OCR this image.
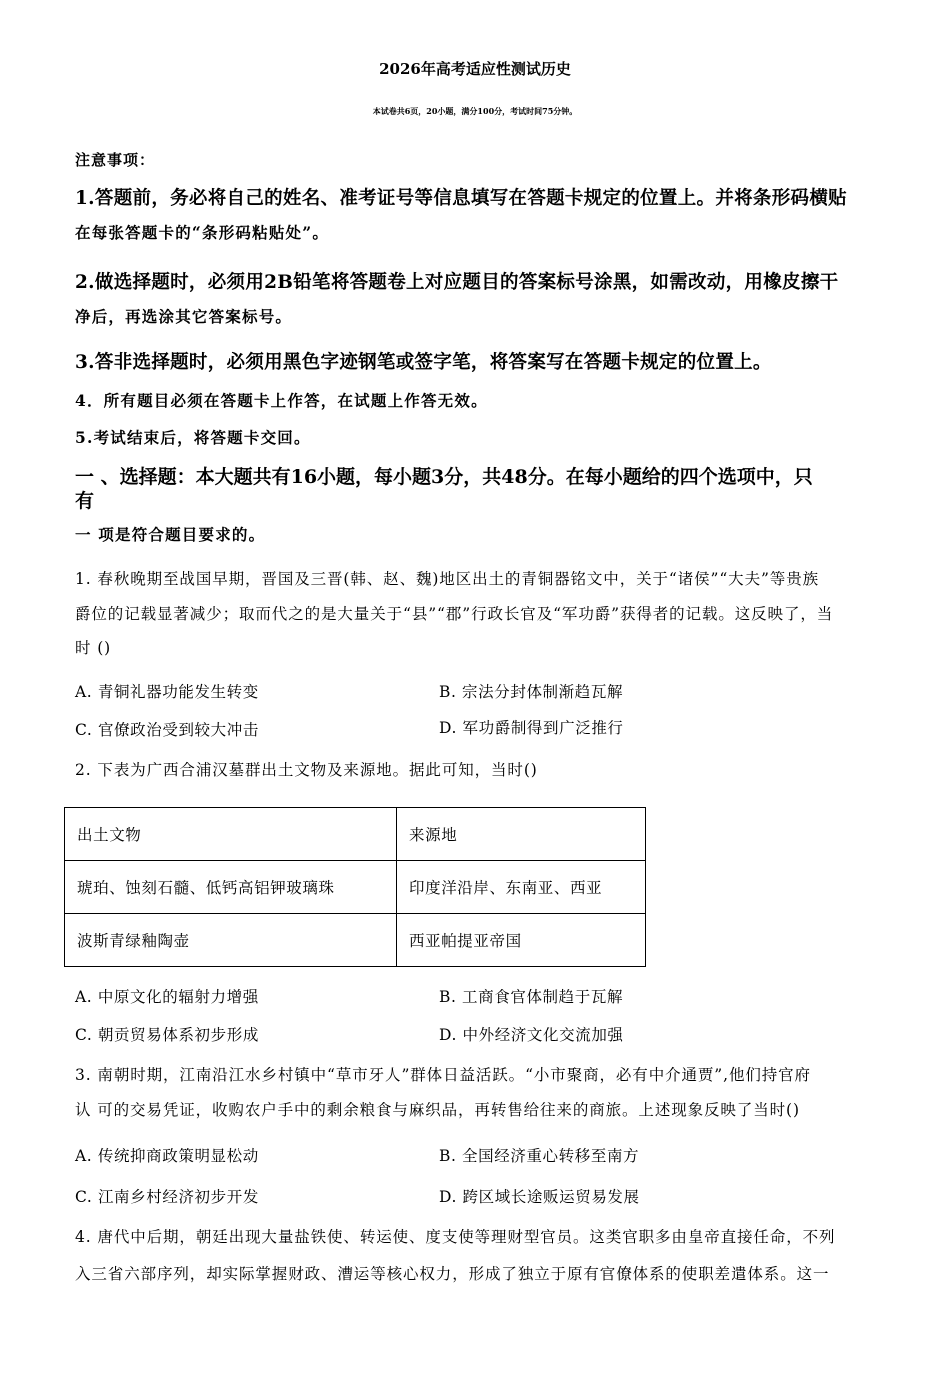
2026年高考适应性测试历史
本试卷共6页，20小题，满分100分，考试时间75分钟。
注意事项：
1.答题前，务必将自己的姓名、准考证号等信息填写在答题卡规定的位置上。并将条形码横贴
在每张答题卡的“条形码粘贴处”。
2.做选择题时，必须用2B铅笔将答题卷上对应题目的答案标号涂黑，如需改动，用橡皮擦干
净后，再选涂其它答案标号。
3.答非选择题时，必须用黑色字迹钢笔或签字笔，将答案写在答题卡规定的位置上。
4．所有题目必须在答题卡上作答，在试题上作答无效。
5.考试结束后，将答题卡交回。
一 、选择题：本大题共有16小题，每小题3分，共48分。在每小题给的四个选项中，只
有
一 项是符合题目要求的。
1. 春秋晚期至战国早期，晋国及三晋(韩、赵、魏)地区出土的青铜器铭文中，关于“诸侯”“大夫”等贵族
爵位的记载显著减少；取而代之的是大量关于“县”“郡”行政长官及“军功爵”获得者的记载。这反映了，当
时 ()
A. 青铜礼器功能发生转变	B. 宗法分封体制渐趋瓦解
C. 官僚政治受到较大冲击	D. 军功爵制得到广泛推行
2. 下表为广西合浦汉墓群出土文物及来源地。据此可知，当时()
出土文物	来源地
琥珀、蚀刻石髓、低钙高铝钾玻璃珠	印度洋沿岸、东南亚、西亚
波斯青绿釉陶壶	西亚帕提亚帝国
A. 中原文化的辐射力增强	B. 工商食官体制趋于瓦解
C. 朝贡贸易体系初步形成	D. 中外经济文化交流加强
3. 南朝时期，江南沿江水乡村镇中“草市牙人”群体日益活跃。“小市聚商，必有中介通贾”,他们持官府
认 可的交易凭证，收购农户手中的剩余粮食与麻织品，再转售给往来的商旅。上述现象反映了当时()
A. 传统抑商政策明显松动	B. 全国经济重心转移至南方
C. 江南乡村经济初步开发	D. 跨区域长途贩运贸易发展
4. 唐代中后期，朝廷出现大量盐铁使、转运使、度支使等理财型官员。这类官职多由皇帝直接任命，不列
入三省六部序列，却实际掌握财政、漕运等核心权力，形成了独立于原有官僚体系的使职差遣体系。这一
